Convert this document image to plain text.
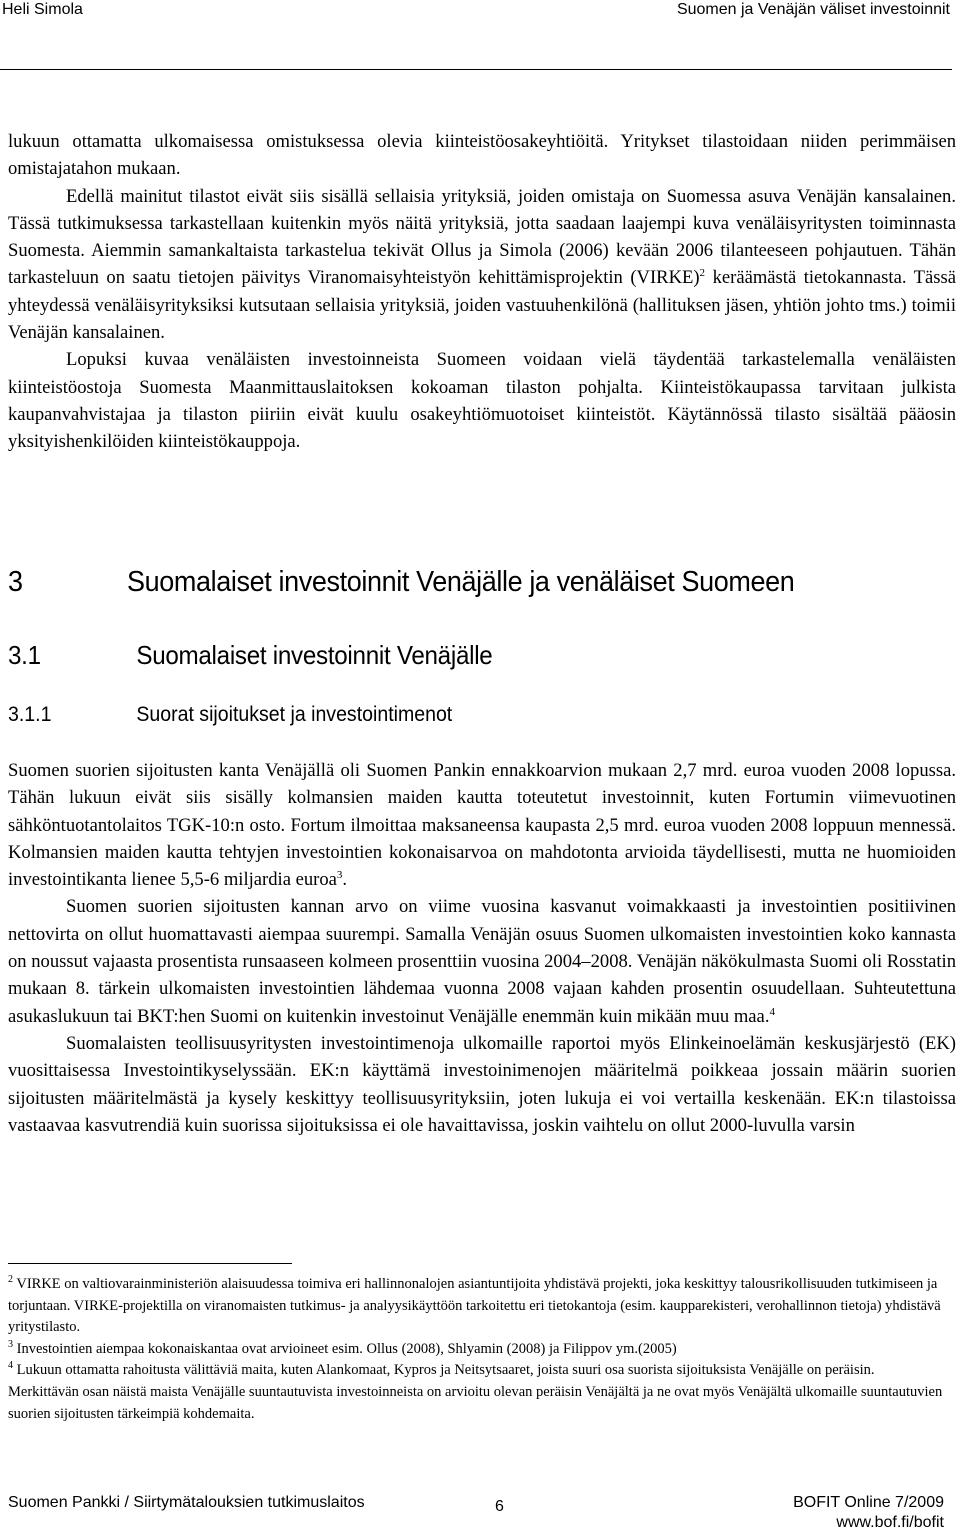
Heli Simola	Suomen ja Venäjän väliset investoinnit

lukuun ottamatta ulkomaisessa omistuksessa olevia kiinteistöosakeyhtiöitä. Yritykset tilastoidaan niiden perimmäisen omistajatahon mukaan.

Edellä mainitut tilastot eivät siis sisällä sellaisia yrityksiä, joiden omistaja on Suomessa asuva Venäjän kansalainen. Tässä tutkimuksessa tarkastellaan kuitenkin myös näitä yrityksiä, jotta saadaan laajempi kuva venäläisyritysten toiminnasta Suomesta. Aiemmin samankaltaista tarkastelua tekivät Ollus ja Simola (2006) kevään 2006 tilanteeseen pohjautuen. Tähän tarkasteluun on saatu tietojen päivitys Viranomaisyhteistyön kehittämisprojektin (VIRKE)$^2$ keräämästä tietokannasta. Tässä yhteydessä venäläisyrityksiksi kutsutaan sellaisia yrityksiä, joiden vastuuhenkilönä (hallituksen jäsen, yhtiön johto tms.) toimii Venäjän kansalainen.

Lopuksi kuvaa venäläisten investoinneista Suomeen voidaan vielä täydentää tarkastelemalla venäläisten kiinteistöostoja Suomesta Maanmittauslaitoksen kokoaman tilaston pohjalta. Kiinteistökaupassa tarvitaan julkista kaupanvahvistajaa ja tilaston piiriin eivät kuulu osakeyhtiömuotoiset kiinteistöt. Käytännössä tilasto sisältää pääosin yksityishenkilöiden kiinteistökauppoja.

3	Suomalaiset investoinnit Venäjälle ja venäläiset Suomeen
3.1	Suomalaiset investoinnit Venäjälle
3.1.1	Suorat sijoitukset ja investointimenot

Suomen suorien sijoitusten kanta Venäjällä oli Suomen Pankin ennakkoarvion mukaan 2,7 mrd. euroa vuoden 2008 lopussa. Tähän lukuun eivät siis sisälly kolmansien maiden kautta toteutetut investoinnit, kuten Fortumin viimevuotinen sähköntuotantolaitos TGK-10:n osto. Fortum ilmoittaa maksaneensa kaupasta 2,5 mrd. euroa vuoden 2008 loppuun mennessä. Kolmansien maiden kautta tehtyjen investointien kokonaisarvoa on mahdotonta arvioida täydellisesti, mutta ne huomioiden investointikanta lienee 5,5-6 miljardia euroa$^3$.

Suomen suorien sijoitusten kannan arvo on viime vuosina kasvanut voimakkaasti ja investointien positiivinen nettovirta on ollut huomattavasti aiempaa suurempi. Samalla Venäjän osuus Suomen ulkomaisten investointien koko kannasta on noussut vajaasta prosentista runsaaseen kolmeen prosenttiin vuosina 2004–2008. Venäjän näkökulmasta Suomi oli Rosstatin mukaan 8. tärkein ulkomaisten investointien lähdemaa vuonna 2008 vajaan kahden prosentin osuudellaan. Suhteutettuna asukaslukuun tai BKT:hen Suomi on kuitenkin investoinut Venäjälle enemmän kuin mikään muu maa.$^4$

Suomalaisten teollisuusyritysten investointimenoja ulkomaille raportoi myös Elinkeinoelämän keskusjärjestö (EK) vuosittaisessa Investointikyselyssään. EK:n käyttämä investoinimenojen määritelmä poikkeaa jossain määrin suorien sijoitusten määritelmästä ja kysely keskittyy teollisuusyrityksiin, joten lukuja ei voi vertailla keskenään. EK:n tilastoissa vastaavaa kasvutrendiä kuin suorissa sijoituksissa ei ole havaittavissa, joskin vaihtelu on ollut 2000-luvulla varsin

$^2$ VIRKE on valtiovarainministeriön alaisuudessa toimiva eri hallinnonalojen asiantuntijoita yhdistävä projekti, joka keskittyy talousrikollisuuden tutkimiseen ja torjuntaan. VIRKE-projektilla on viranomaisten tutkimus- ja analyysikäyttöön tarkoitettu eri tietokantoja (esim. kaupparekisteri, verohallinnon tietoja) yhdistävä yritystilasto.

$^3$ Investointien aiempaa kokonaiskantaa ovat arvioineet esim. Ollus (2008), Shlyamin (2008) ja Filippov ym.(2005)

$^4$ Lukuun ottamatta rahoitusta välittäviä maita, kuten Alankomaat, Kypros ja Neitsytsaaret, joista suuri osa suorista sijoituksista Venäjälle on peräisin. Merkittävän osan näistä maista Venäjälle suuntautuvista investoinneista on arvioitu olevan peräisin Venäjältä ja ne ovat myös Venäjältä ulkomaille suuntautuvien suorien sijoitusten tärkeimpiä kohdemaita.

Suomen Pankki / Siirtymätalouksien tutkimuslaitos	6	BOFIT Online 7/2009
www.bof.fi/bofit
